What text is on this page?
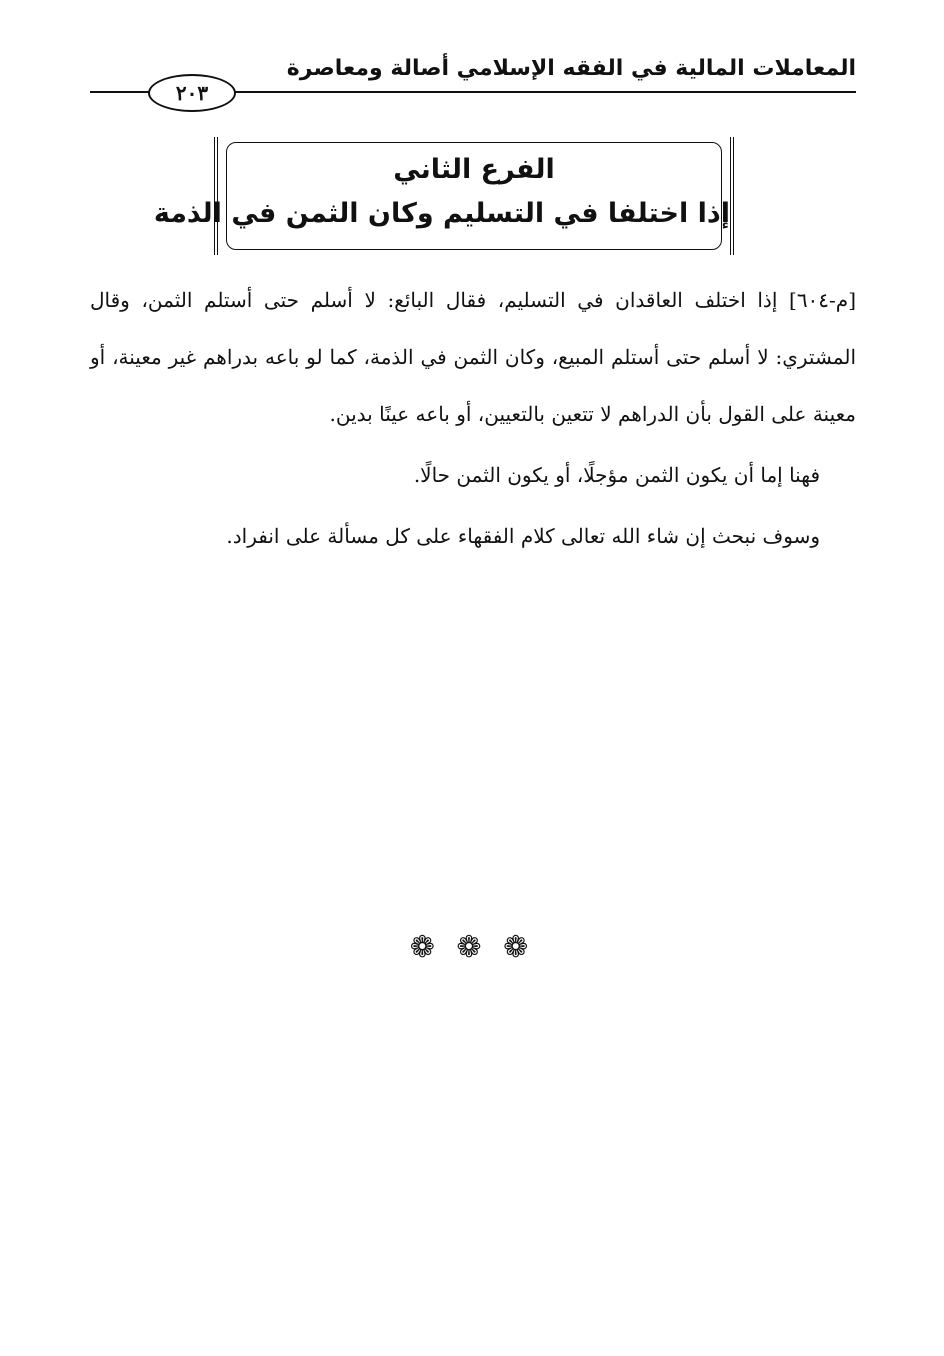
المعاملات المالية في الفقه الإسلامي أصالة ومعاصرة
٢٠٣
الفرع الثاني
إذا اختلفا في التسليم وكان الثمن في الذمة

[م-٦٠٤] إذا اختلف العاقدان في التسليم، فقال البائع: لا أسلم حتى أستلم الثمن، وقال المشتري: لا أسلم حتى أستلم المبيع، وكان الثمن في الذمة، كما لو باعه بدراهم غير معينة، أو معينة على القول بأن الدراهم لا تتعين بالتعيين، أو باعه عينًا بدين.

فهنا إما أن يكون الثمن مؤجلًا، أو يكون الثمن حالًا.

وسوف نبحث إن شاء الله تعالى كلام الفقهاء على كل مسألة على انفراد.

❁ ❁ ❁
